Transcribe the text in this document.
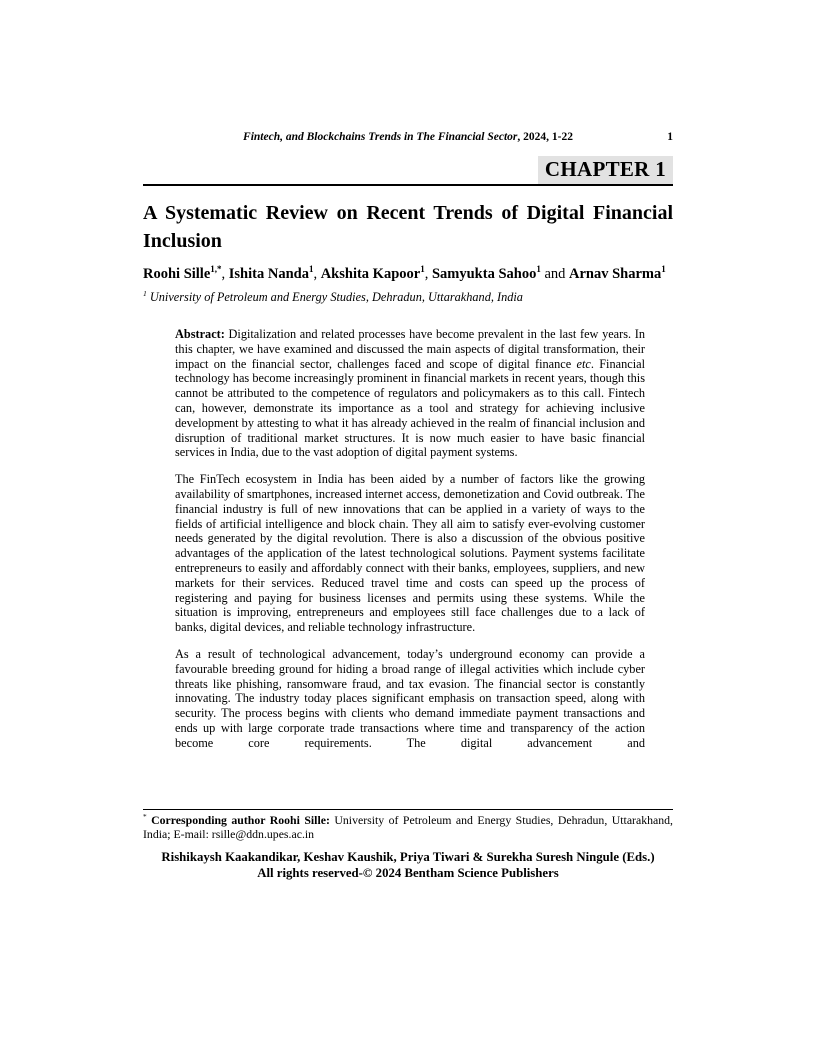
Fintech, and Blockchains Trends in The Financial Sector, 2024, 1-22	1
CHAPTER 1
A Systematic Review on Recent Trends of Digital Financial Inclusion

Roohi Sille$^{1,*}$, Ishita Nanda$^1$, Akshita Kapoor$^1$, Samyukta Sahoo$^1$ and Arnav Sharma$^1$

$^1$ University of Petroleum and Energy Studies, Dehradun, Uttarakhand, India

Abstract: Digitalization and related processes have become prevalent in the last few years. In this chapter, we have examined and discussed the main aspects of digital transformation, their impact on the financial sector, challenges faced and scope of digital finance etc. Financial technology has become increasingly prominent in financial markets in recent years, though this cannot be attributed to the competence of regulators and policymakers as to this call. Fintech can, however, demonstrate its importance as a tool and strategy for achieving inclusive development by attesting to what it has already achieved in the realm of financial inclusion and disruption of traditional market structures. It is now much easier to have basic financial services in India, due to the vast adoption of digital payment systems.

The FinTech ecosystem in India has been aided by a number of factors like the growing availability of smartphones, increased internet access, demonetization and Covid outbreak. The financial industry is full of new innovations that can be applied in a variety of ways to the fields of artificial intelligence and block chain. They all aim to satisfy ever-evolving customer needs generated by the digital revolution. There is also a discussion of the obvious positive advantages of the application of the latest technological solutions. Payment systems facilitate entrepreneurs to easily and affordably connect with their banks, employees, suppliers, and new markets for their services. Reduced travel time and costs can speed up the process of registering and paying for business licenses and permits using these systems. While the situation is improving, entrepreneurs and employees still face challenges due to a lack of banks, digital devices, and reliable technology infrastructure.

As a result of technological advancement, today’s underground economy can provide a favourable breeding ground for hiding a broad range of illegal activities which include cyber threats like phishing, ransomware fraud, and tax evasion. The financial sector is constantly innovating. The industry today places significant emphasis on transaction speed, along with security. The process begins with clients who demand immediate payment transactions and ends up with large corporate trade transactions where time and transparency of the action become core requirements. The digital advancement and

* Corresponding author Roohi Sille: University of Petroleum and Energy Studies, Dehradun, Uttarakhand, India; E-mail: rsille@ddn.upes.ac.in
Rishikaysh Kaakandikar, Keshav Kaushik, Priya Tiwari & Surekha Suresh Ningule (Eds.)
All rights reserved-© 2024 Bentham Science Publishers
